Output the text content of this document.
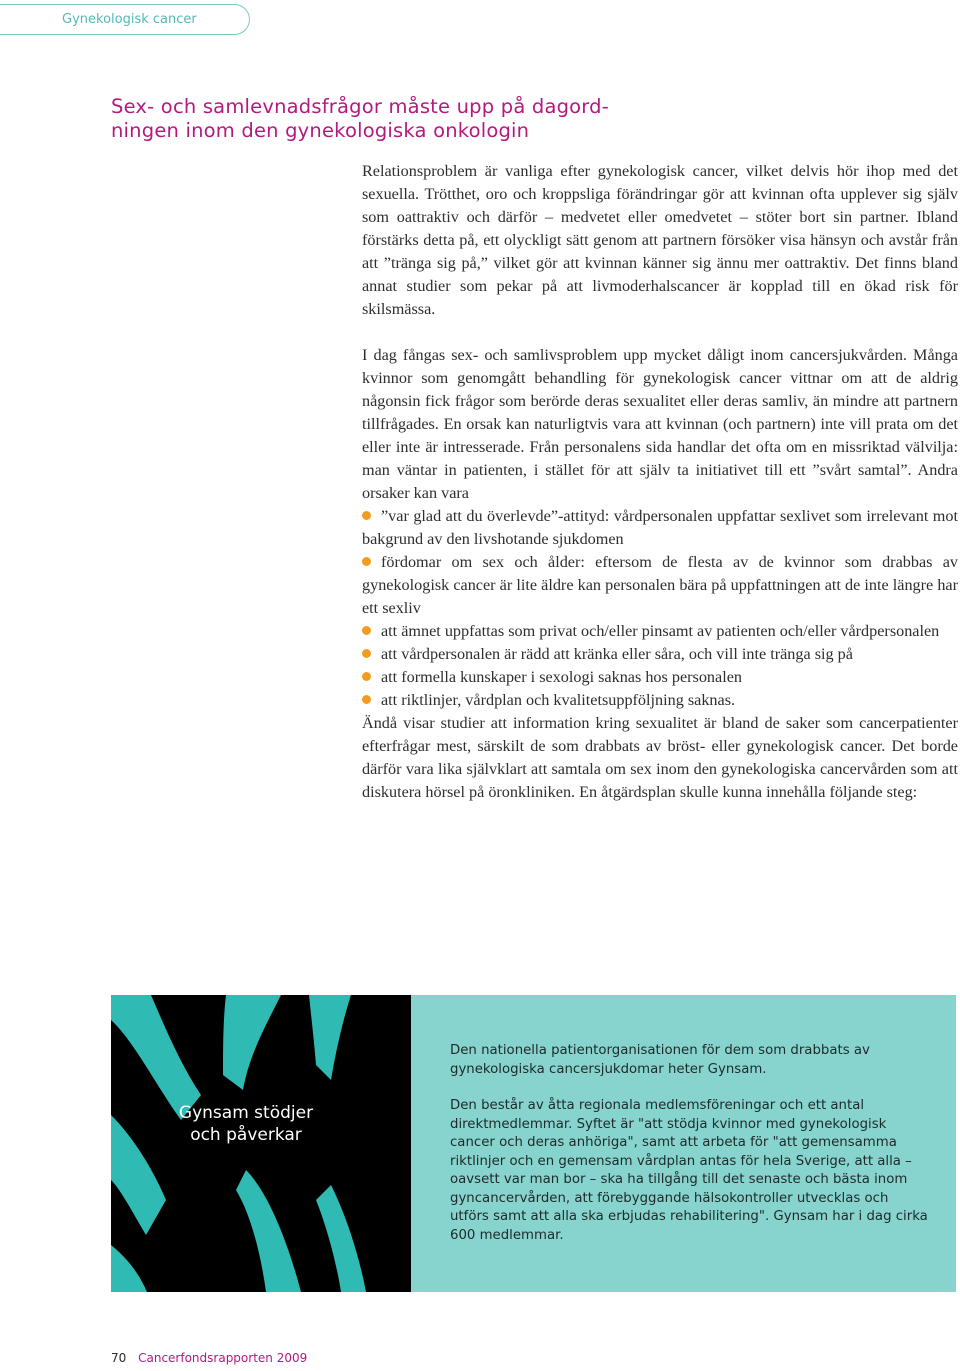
Gynekologisk cancer
Sex- och samlevnadsfrågor måste upp på dagord-
ningen inom den gynekologiska onkologin

Relationsproblem är vanliga efter gynekologisk cancer, vilket delvis hör ihop med det sexuella. Trötthet, oro och kroppsliga förändringar gör att kvinnan ofta upplever sig själv som oattraktiv och därför – medvetet eller omedvetet – stöter bort sin partner. Ibland förstärks detta på, ett olyckligt sätt genom att partnern försöker visa hänsyn och avstår från att ”tränga sig på,” vilket gör att kvinnan känner sig ännu mer oattraktiv. Det finns bland annat studier som pekar på att livmoderhalscancer är kopplad till en ökad risk för skilsmässa.

I dag fångas sex- och samlivsproblem upp mycket dåligt inom cancersjukvården. Många kvinnor som genomgått behandling för gynekologisk cancer vittnar om att de aldrig någonsin fick frågor som berörde deras sexualitet eller deras samliv, än mindre att partnern tillfrågades. En orsak kan naturligtvis vara att kvinnan (och partnern) inte vill prata om det eller inte är intresserade. Från personalens sida handlar det ofta om en missriktad välvilja: man väntar in patienten, i stället för att själv ta initiativet till ett ”svårt samtal”. Andra orsaker kan vara

”var glad att du överlevde”-attityd: vårdpersonalen uppfattar sexlivet som irrelevant mot bakgrund av den livshotande sjukdomen
fördomar om sex och ålder: eftersom de flesta av de kvinnor som drabbas av gynekologisk cancer är lite äldre kan personalen bära på uppfattningen att de inte längre har ett sexliv
att ämnet uppfattas som privat och/eller pinsamt av patienten och/eller vårdpersonalen
att vårdpersonalen är rädd att kränka eller såra, och vill inte tränga sig på
att formella kunskaper i sexologi saknas hos personalen
att riktlinjer, vårdplan och kvalitetsuppföljning saknas.

Ändå visar studier att information kring sexualitet är bland de saker som cancerpatienter efterfrågar mest, särskilt de som drabbats av bröst- eller gynekologisk cancer. Det borde därför vara lika självklart att samtala om sex inom den gynekologiska cancervården som att diskutera hörsel på öronkliniken. En åtgärdsplan skulle kunna innehålla följande steg:

Gynsam stödjer
och påverkar

Den nationella patientorganisationen för dem som drabbats av gynekologiska cancersjukdomar heter Gynsam.

Den består av åtta regionala medlemsföreningar och ett antal direktmedlemmar. Syftet är "att stödja kvinnor med gynekologisk cancer och deras anhöriga", samt att arbeta för "att gemensamma riktlinjer och en gemensam vårdplan antas för hela Sverige, att alla – oavsett var man bor – ska ha tillgång till det senaste och bästa inom gyncancervården, att förebyggande hälsokontroller utvecklas och utförs samt att alla ska erbjudas rehabilitering". Gynsam har i dag cirka 600 medlemmar.

70 Cancerfondsrapporten 2009
